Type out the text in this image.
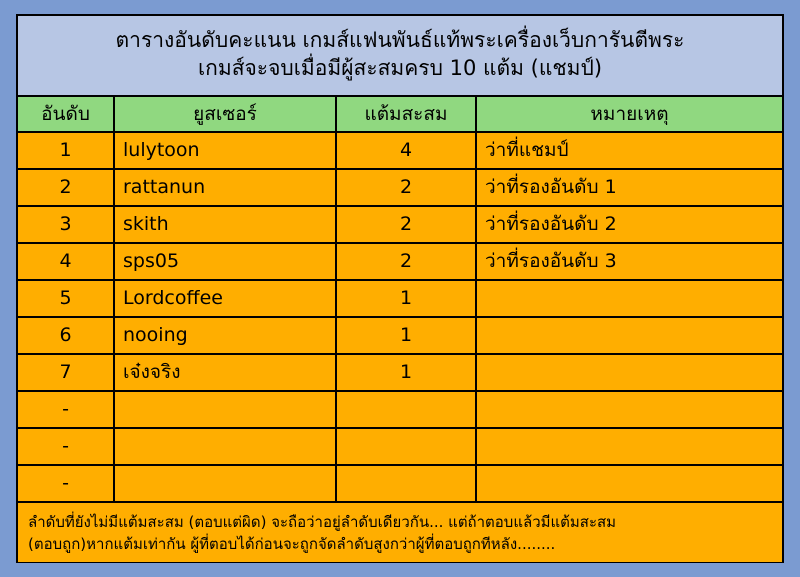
ตารางอันดับคะแนน เกมส์แฟนพันธ์แท้พระเครื่องเว็บการันตีพระ
เกมส์จะจบเมื่อมีผู้สะสมครบ 10 แต้ม (แชมป์)
อันดับ	ยูสเซอร์	แต้มสะสม	หมายเหตุ
1	lulytoon	4	ว่าที่แชมป์
2	rattanun	2	ว่าที่รองอันดับ 1
3	skith	2	ว่าที่รองอันดับ 2
4	sps05	2	ว่าที่รองอันดับ 3
5	Lordcoffee	1	
6	nooing	1	
7	เจ๋งจริง	1	
-			
-			
-			
ลำดับที่ยังไม่มีแต้มสะสม (ตอบแต่ผิด) จะถือว่าอยู่ลำดับเดียวกัน... แต่ถ้าตอบแล้วมีแต้มสะสม
(ตอบถูก)หากแต้มเท่ากัน ผู้ที่ตอบได้ก่อนจะถูกจัดลำดับสูงกว่าผู้ที่ตอบถูกทีหลัง........
